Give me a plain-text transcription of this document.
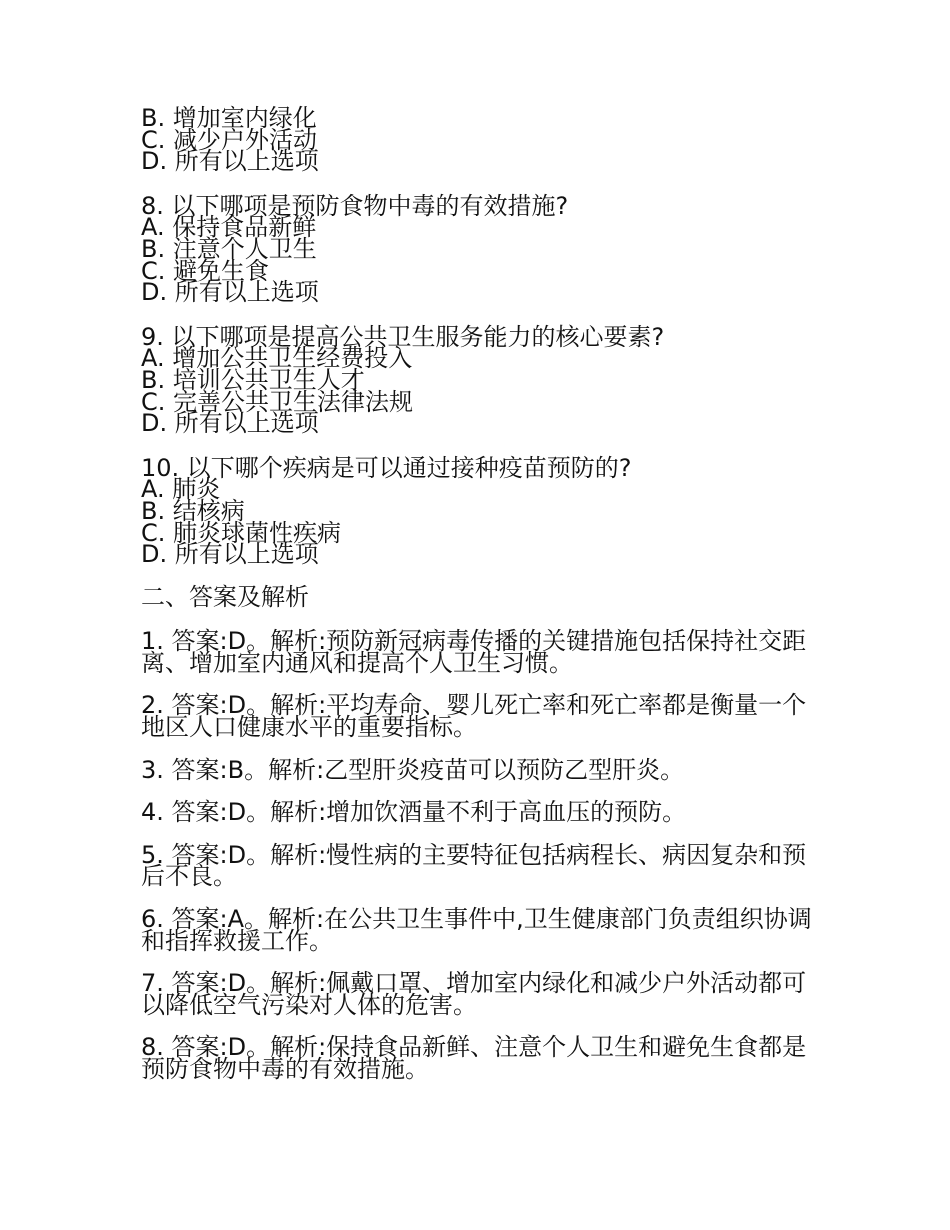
B. 增加室内绿化
C. 减少户外活动
D. 所有以上选项
8. 以下哪项是预防食物中毒的有效措施?
A. 保持食品新鲜
B. 注意个人卫生
C. 避免生食
D. 所有以上选项
9. 以下哪项是提高公共卫生服务能力的核心要素?
A. 增加公共卫生经费投入
B. 培训公共卫生人才
C. 完善公共卫生法律法规
D. 所有以上选项
10. 以下哪个疾病是可以通过接种疫苗预防的?
A. 肺炎
B. 结核病
C. 肺炎球菌性疾病
D. 所有以上选项
二、答案及解析
1. 答案:D。解析:预防新冠病毒传播的关键措施包括保持社交距离、增加室内通风和提高个人卫生习惯。
2. 答案:D。解析:平均寿命、婴儿死亡率和死亡率都是衡量一个地区人口健康水平的重要指标。
3. 答案:B。解析:乙型肝炎疫苗可以预防乙型肝炎。
4. 答案:D。解析:增加饮酒量不利于高血压的预防。
5. 答案:D。解析:慢性病的主要特征包括病程长、病因复杂和预后不良。
6. 答案:A。解析:在公共卫生事件中,卫生健康部门负责组织协调和指挥救援工作。
7. 答案:D。解析:佩戴口罩、增加室内绿化和减少户外活动都可以降低空气污染对人体的危害。
8. 答案:D。解析:保持食品新鲜、注意个人卫生和避免生食都是预防食物中毒的有效措施。
